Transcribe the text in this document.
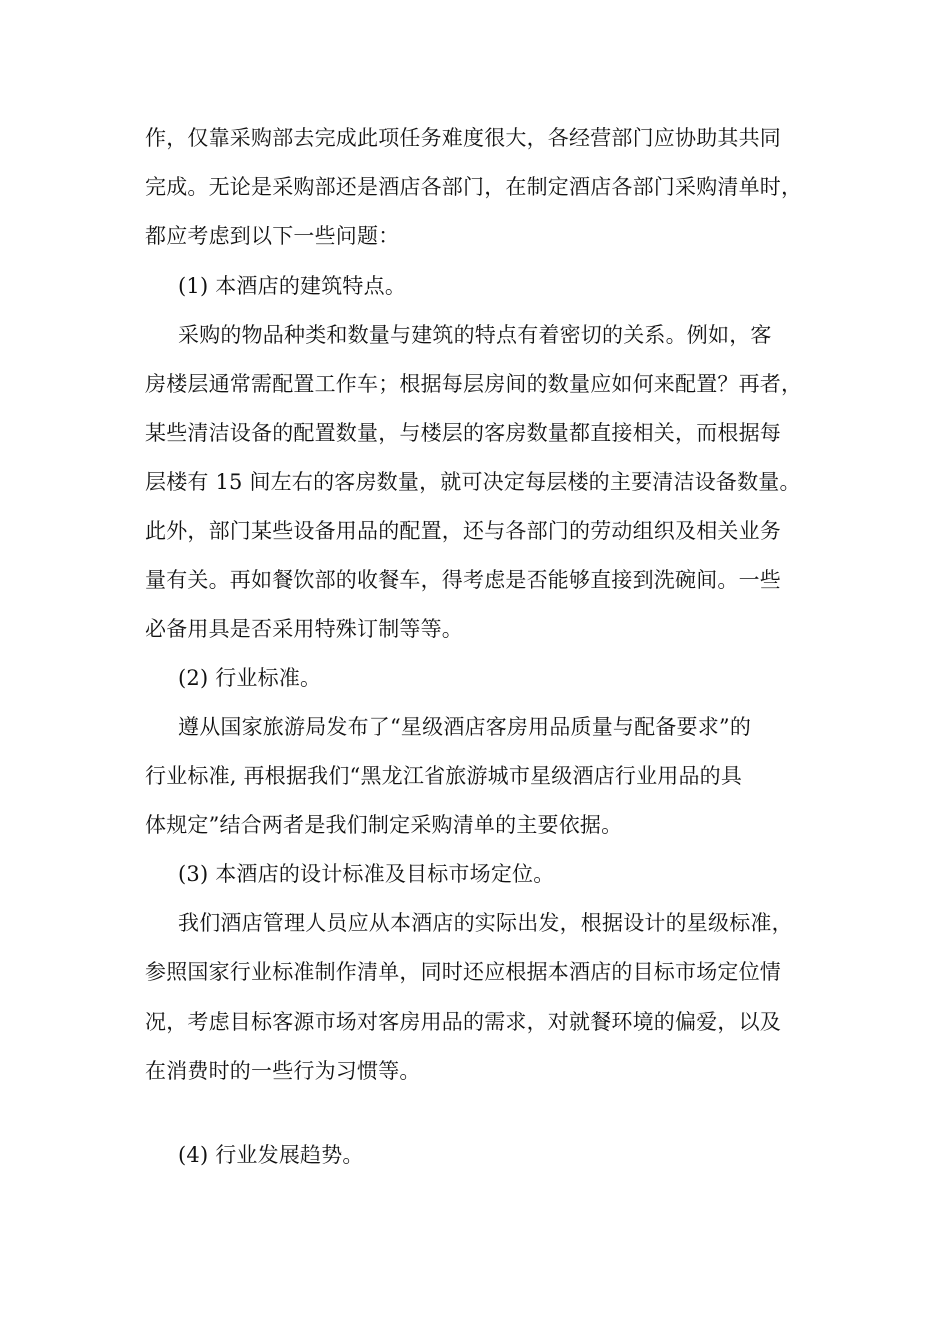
作，仅靠采购部去完成此项任务难度很大，各经营部门应协助其共同
完成。无论是采购部还是酒店各部门，在制定酒店各部门采购清单时，
都应考虑到以下一些问题：
(1) 本酒店的建筑特点。
采购的物品种类和数量与建筑的特点有着密切的关系。例如，客
房楼层通常需配置工作车；根据每层房间的数量应如何来配置？再者，
某些清洁设备的配置数量，与楼层的客房数量都直接相关，而根据每
层楼有 15 间左右的客房数量，就可决定每层楼的主要清洁设备数量。
此外，部门某些设备用品的配置，还与各部门的劳动组织及相关业务
量有关。再如餐饮部的收餐车，得考虑是否能够直接到洗碗间。一些
必备用具是否采用特殊订制等等。
(2) 行业标准。
遵从国家旅游局发布了“星级酒店客房用品质量与配备要求”的
行业标准, 再根据我们“黑龙江省旅游城市星级酒店行业用品的具
体规定”结合两者是我们制定采购清单的主要依据。
(3) 本酒店的设计标准及目标市场定位。
我们酒店管理人员应从本酒店的实际出发，根据设计的星级标准，
参照国家行业标准制作清单，同时还应根据本酒店的目标市场定位情
况，考虑目标客源市场对客房用品的需求，对就餐环境的偏爱，以及
在消费时的一些行为习惯等。
(4) 行业发展趋势。
